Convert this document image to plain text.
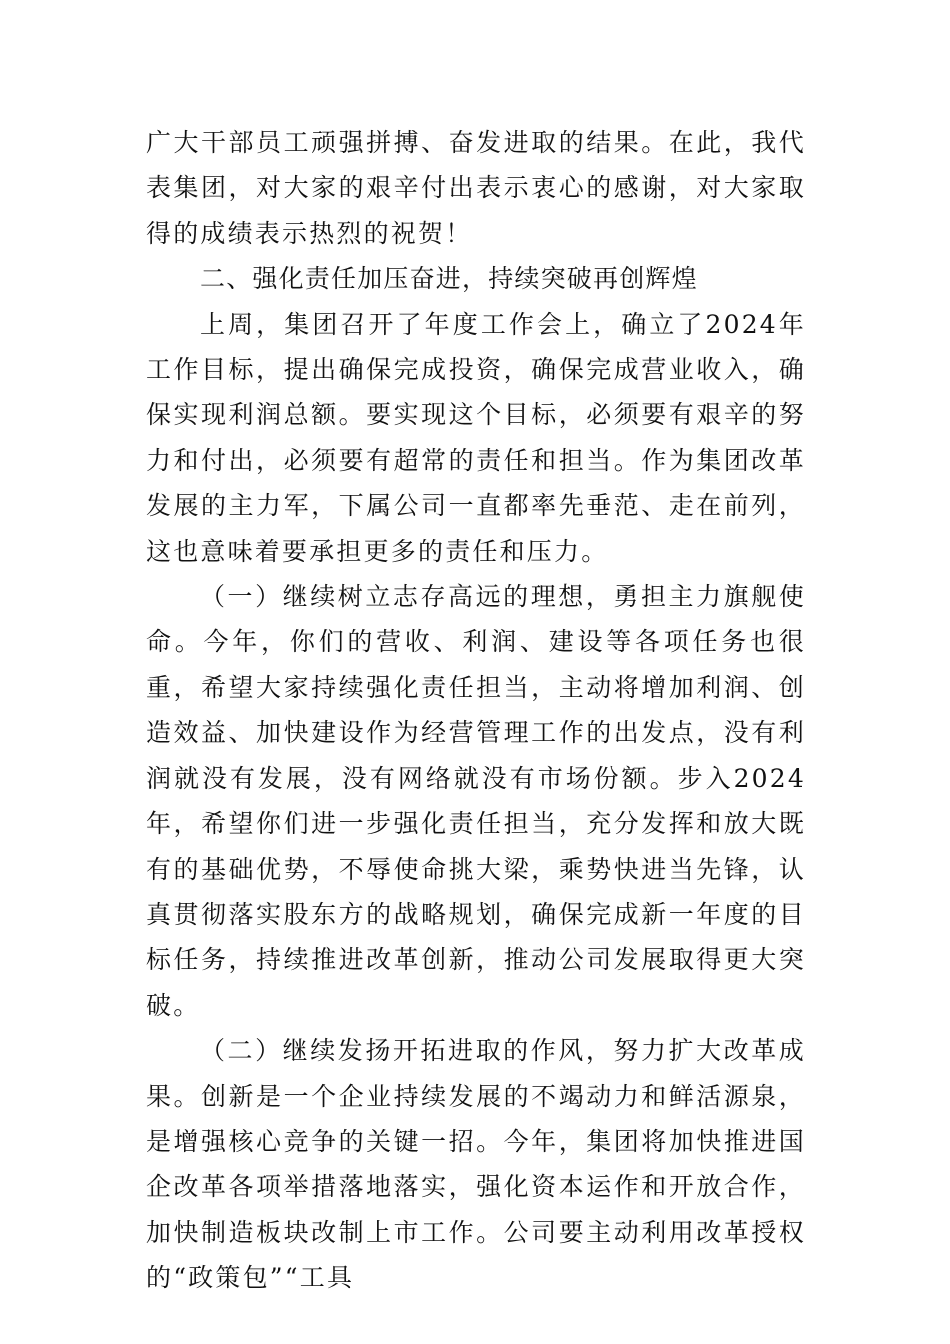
广大干部员工顽强拼搏、奋发进取的结果。在此，我代表集团，对大家的艰辛付出表示衷心的感谢，对大家取得的成绩表示热烈的祝贺！

二、强化责任加压奋进，持续突破再创辉煌

上周，集团召开了年度工作会上，确立了2024年工作目标，提出确保完成投资，确保完成营业收入，确保实现利润总额。要实现这个目标，必须要有艰辛的努力和付出，必须要有超常的责任和担当。作为集团改革发展的主力军，下属公司一直都率先垂范、走在前列，这也意味着要承担更多的责任和压力。

（一）继续树立志存高远的理想，勇担主力旗舰使命。今年，你们的营收、利润、建设等各项任务也很重，希望大家持续强化责任担当，主动将增加利润、创造效益、加快建设作为经营管理工作的出发点，没有利润就没有发展，没有网络就没有市场份额。步入2024年，希望你们进一步强化责任担当，充分发挥和放大既有的基础优势，不辱使命挑大梁，乘势快进当先锋，认真贯彻落实股东方的战略规划，确保完成新一年度的目标任务，持续推进改革创新，推动公司发展取得更大突破。

（二）继续发扬开拓进取的作风，努力扩大改革成果。创新是一个企业持续发展的不竭动力和鲜活源泉，是增强核心竞争的关键一招。今年，集团将加快推进国企改革各项举措落地落实，强化资本运作和开放合作，加快制造板块改制上市工作。公司要主动利用改革授权的“政策包”“工具
